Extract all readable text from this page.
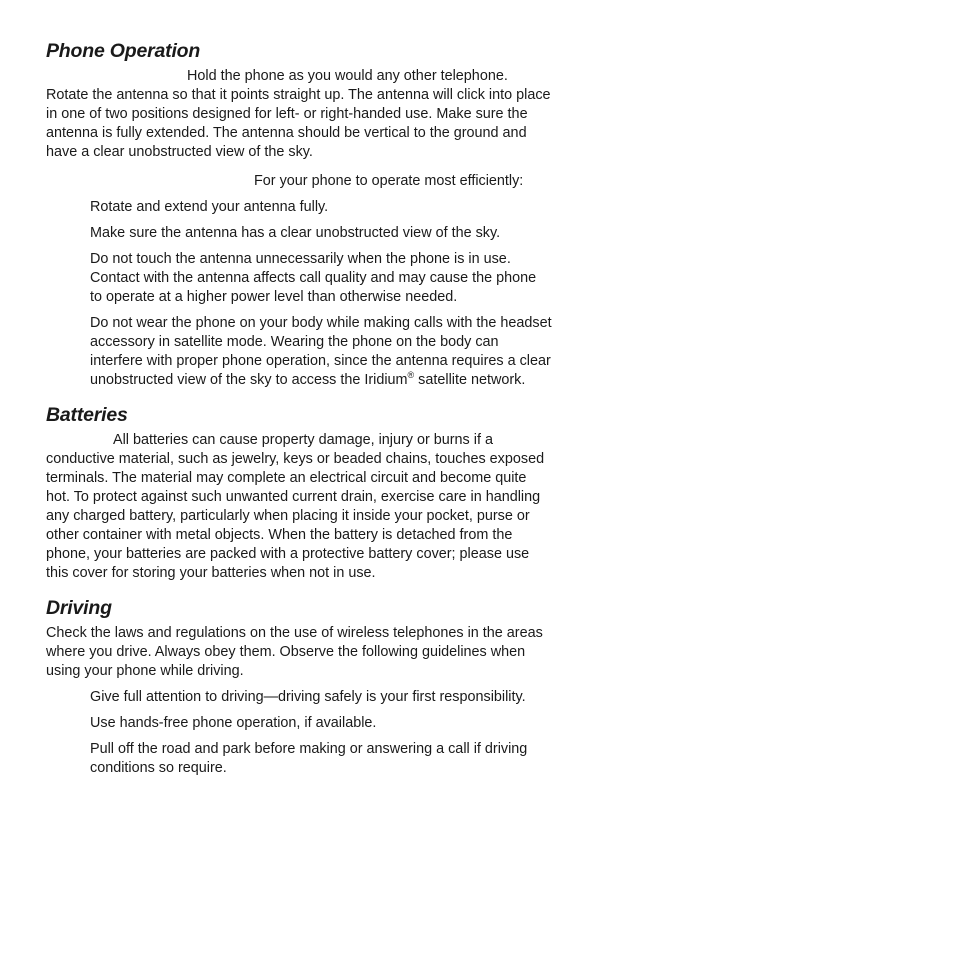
Phone Operation

Hold the phone as you would any other telephone. Rotate the antenna so that it points straight up. The antenna will click into place in one of two positions designed for left- or right-handed use. Make sure the antenna is fully extended. The antenna should be vertical to the ground and have a clear unobstructed view of the sky.

For your phone to operate most efficiently:

Rotate and extend your antenna fully.
Make sure the antenna has a clear unobstructed view of the sky.
Do not touch the antenna unnecessarily when the phone is in use. Contact with the antenna affects call quality and may cause the phone to operate at a higher power level than otherwise needed.
Do not wear the phone on your body while making calls with the headset accessory in satellite mode. Wearing the phone on the body can interfere with proper phone operation, since the antenna requires a clear unobstructed view of the sky to access the Iridium® satellite network.
Batteries

All batteries can cause property damage, injury or burns if a conductive material, such as jewelry, keys or beaded chains, touches exposed terminals. The material may complete an electrical circuit and become quite hot. To protect against such unwanted current drain, exercise care in handling any charged battery, particularly when placing it inside your pocket, purse or other container with metal objects. When the battery is detached from the phone, your batteries are packed with a protective battery cover; please use this cover for storing your batteries when not in use.

Driving

Check the laws and regulations on the use of wireless telephones in the areas where you drive. Always obey them. Observe the following guidelines when using your phone while driving.

Give full attention to driving—driving safely is your first responsibility.
Use hands-free phone operation, if available.
Pull off the road and park before making or answering a call if driving conditions so require.
